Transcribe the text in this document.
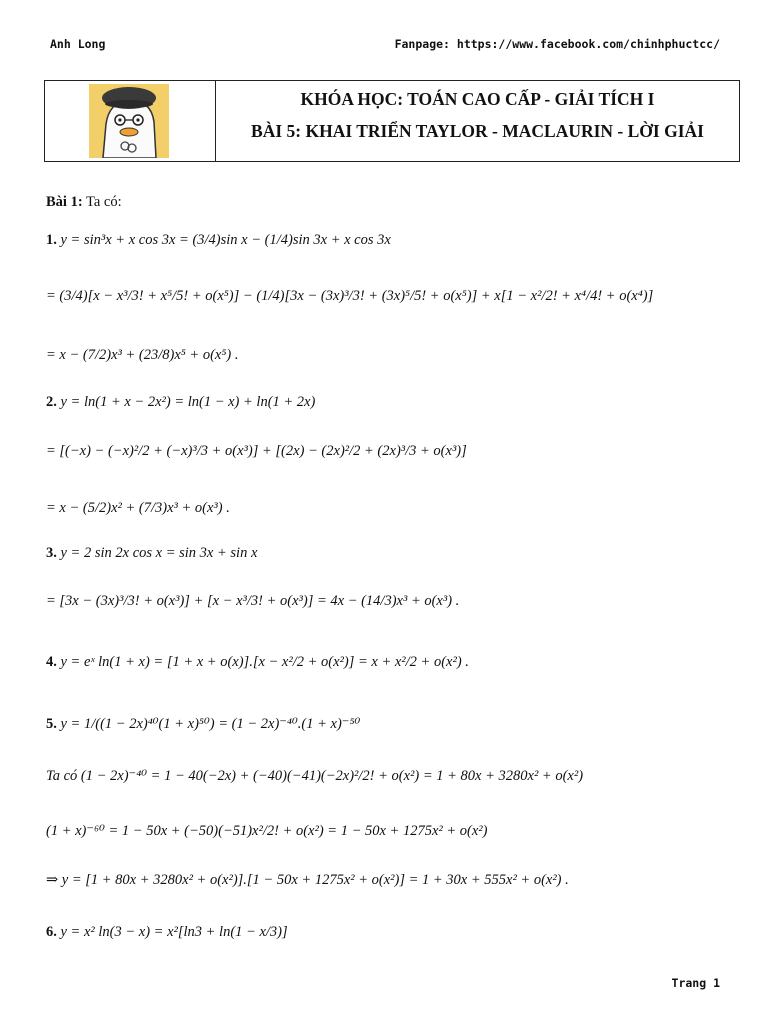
Anh Long	Fanpage: https://www.facebook.com/chinhphuctcc/
KHÓA HỌC: TOÁN CAO CẤP - GIẢI TÍCH I
BÀI 5: KHAI TRIỂN TAYLOR - MACLAURIN - LỜI GIẢI
Bài 1: Ta có:
1. y = sin³x + x cos 3x = (3/4)sin x − (1/4)sin 3x + x cos 3x
= (3/4)[x − x³/3! + x⁵/5! + o(x⁵)] − (1/4)[3x − (3x)³/3! + (3x)⁵/5! + o(x⁵)] + x[1 − x²/2! + x⁴/4! + o(x⁴)]
= x − (7/2)x³ + (23/8)x⁵ + o(x⁵) .
2. y = ln(1 + x − 2x²) = ln(1 − x) + ln(1 + 2x)
= [(−x) − (−x)²/2 + (−x)³/3 + o(x³)] + [(2x) − (2x)²/2 + (2x)³/3 + o(x³)]
= x − (5/2)x² + (7/3)x³ + o(x³) .
3. y = 2 sin 2x cos x = sin 3x + sin x
= [3x − (3x)³/3! + o(x³)] + [x − x³/3! + o(x³)] = 4x − (14/3)x³ + o(x³) .
4. y = eˣ ln(1 + x) = [1 + x + o(x)].[x − x²/2 + o(x²)] = x + x²/2 + o(x²) .
5. y = 1/((1 − 2x)⁴⁰(1 + x)⁵⁰) = (1 − 2x)⁻⁴⁰.(1 + x)⁻⁵⁰
Ta có (1 − 2x)⁻⁴⁰ = 1 − 40(−2x) + (−40)(−41)(−2x)²/2! + o(x²) = 1 + 80x + 3280x² + o(x²)
(1 + x)⁻⁶⁰ = 1 − 50x + (−50)(−51)x²/2! + o(x²) = 1 − 50x + 1275x² + o(x²)
⇒ y = [1 + 80x + 3280x² + o(x²)].[1 − 50x + 1275x² + o(x²)] = 1 + 30x + 555x² + o(x²) .
6. y = x² ln(3 − x) = x²[ln3 + ln(1 − x/3)]
Trang 1
